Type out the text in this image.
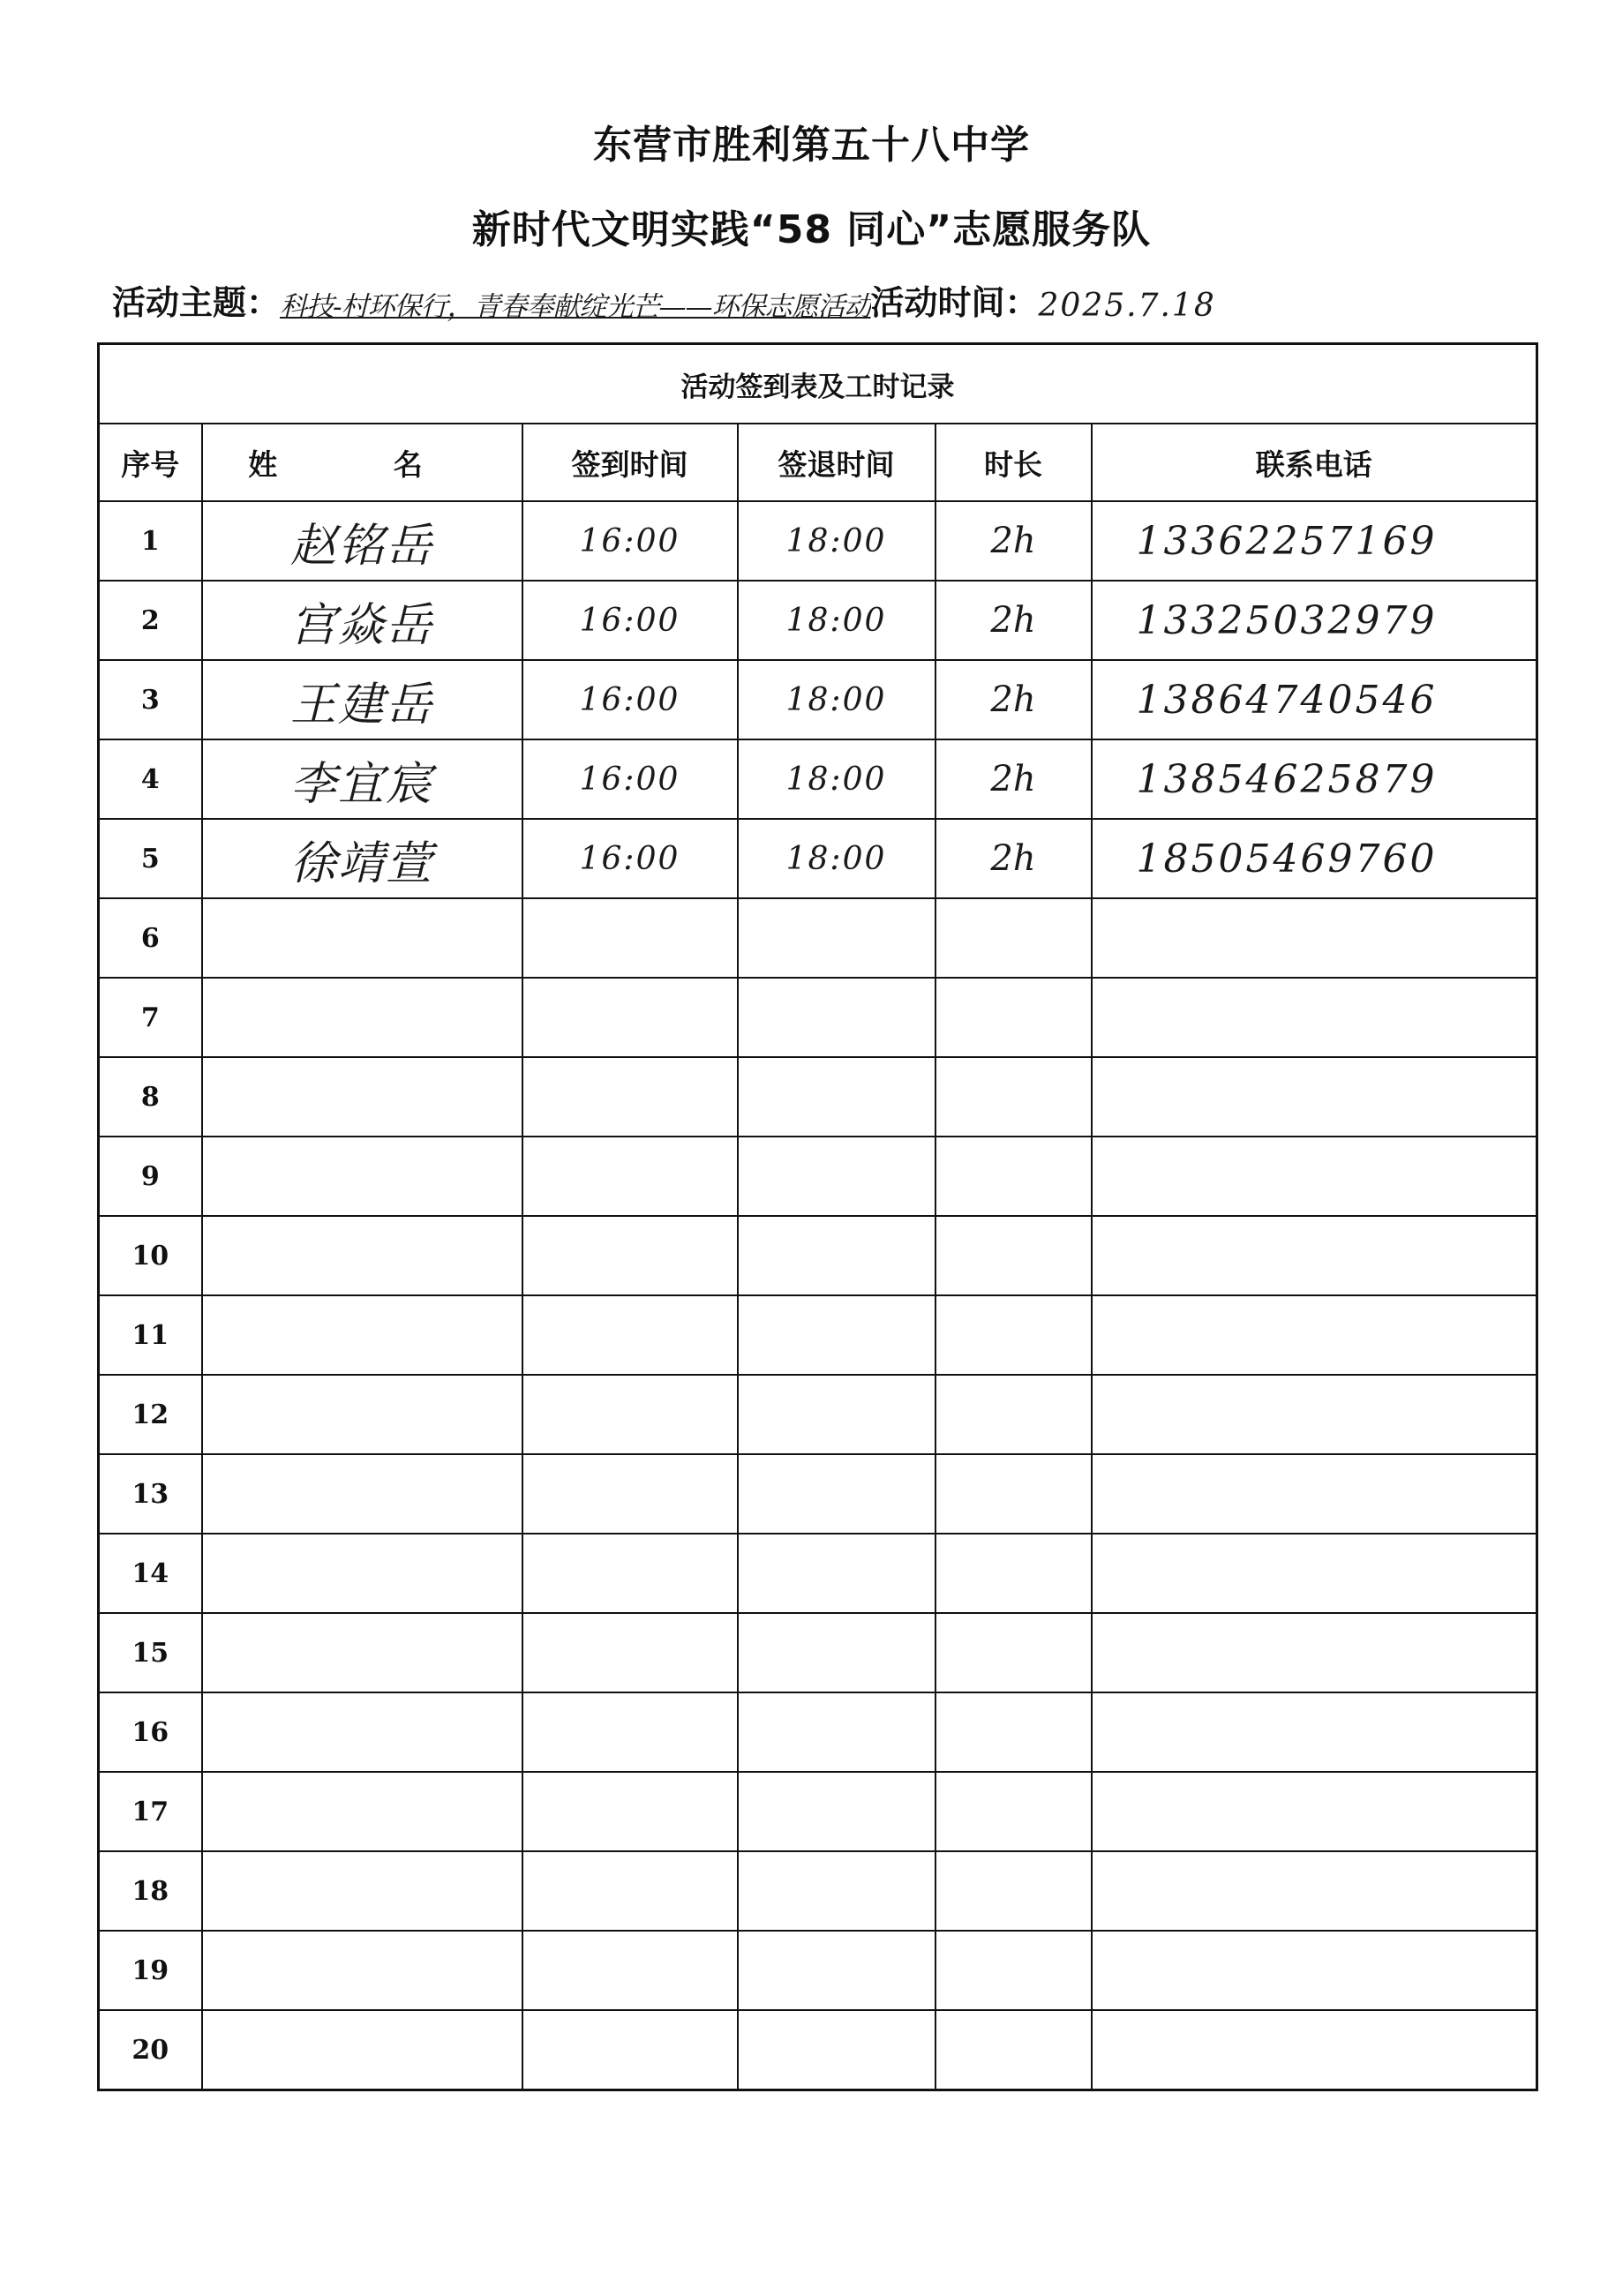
东营市胜利第五十八中学
新时代文明实践“58 同心”志愿服务队
活动主题：科技-村环保行，青春奉献绽光芒——环保志愿活动活动时间：2025.7.18
活动签到表及工时记录					
序号	姓 名	签到时间	签退时间	时长	联系电话
1	赵铭岳	16:00	18:00	2h	13362257169
2	宫焱岳	16:00	18:00	2h	13325032979
3	王建岳	16:00	18:00	2h	13864740546
4	李宜宸	16:00	18:00	2h	13854625879
5	徐靖萱	16:00	18:00	2h	18505469760
6					
7					
8					
9					
10					
11					
12					
13					
14					
15					
16					
17					
18					
19					
20					
